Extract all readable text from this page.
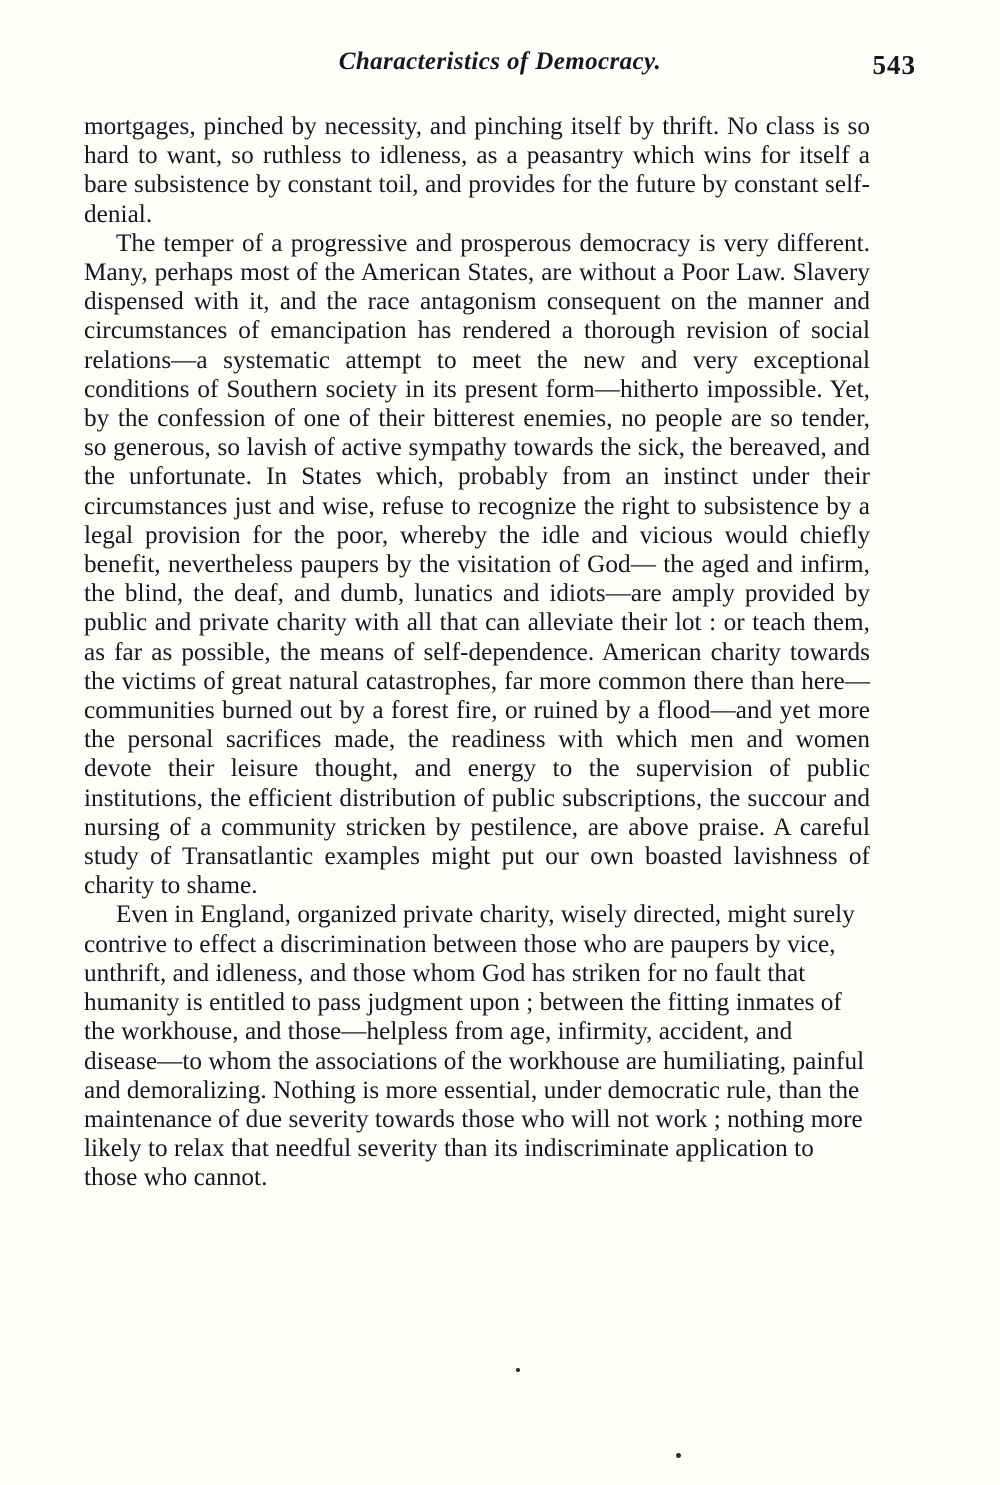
Characteristics of Democracy.	543

mortgages, pinched by necessity, and pinching itself by thrift. No class is so hard to want, so ruthless to idleness, as a peasantry which wins for itself a bare subsistence by constant toil, and provides for the future by constant self-denial.

The temper of a progressive and prosperous democracy is very different. Many, perhaps most of the American States, are without a Poor Law. Slavery dispensed with it, and the race antagonism consequent on the manner and circumstances of emancipation has rendered a thorough revision of social relations—a systematic attempt to meet the new and very exceptional conditions of Southern society in its present form—hitherto impossible. Yet, by the confession of one of their bitterest enemies, no people are so tender, so generous, so lavish of active sympathy towards the sick, the bereaved, and the unfortunate. In States which, probably from an instinct under their circumstances just and wise, refuse to recognize the right to subsistence by a legal provision for the poor, whereby the idle and vicious would chiefly benefit, nevertheless paupers by the visitation of God— the aged and infirm, the blind, the deaf, and dumb, lunatics and idiots—are amply provided by public and private charity with all that can alleviate their lot : or teach them, as far as possible, the means of self-dependence. American charity towards the victims of great natural catastrophes, far more common there than here—communities burned out by a forest fire, or ruined by a flood—and yet more the personal sacrifices made, the readiness with which men and women devote their leisure thought, and energy to the supervision of public institutions, the efficient distribution of public subscriptions, the succour and nursing of a community stricken by pestilence, are above praise. A careful study of Transatlantic examples might put our own boasted lavishness of charity to shame.

Even in England, organized private charity, wisely directed, might surely contrive to effect a discrimination between those who are paupers by vice, unthrift, and idleness, and those whom God has striken for no fault that humanity is entitled to pass judgment upon ; between the fitting inmates of the workhouse, and those—helpless from age, infirmity, accident, and disease—to whom the associations of the workhouse are humiliating, painful and demoralizing. Nothing is more essential, under democratic rule, than the maintenance of due severity towards those who will not work ; nothing more likely to relax that needful severity than its indiscriminate application to those who cannot.
